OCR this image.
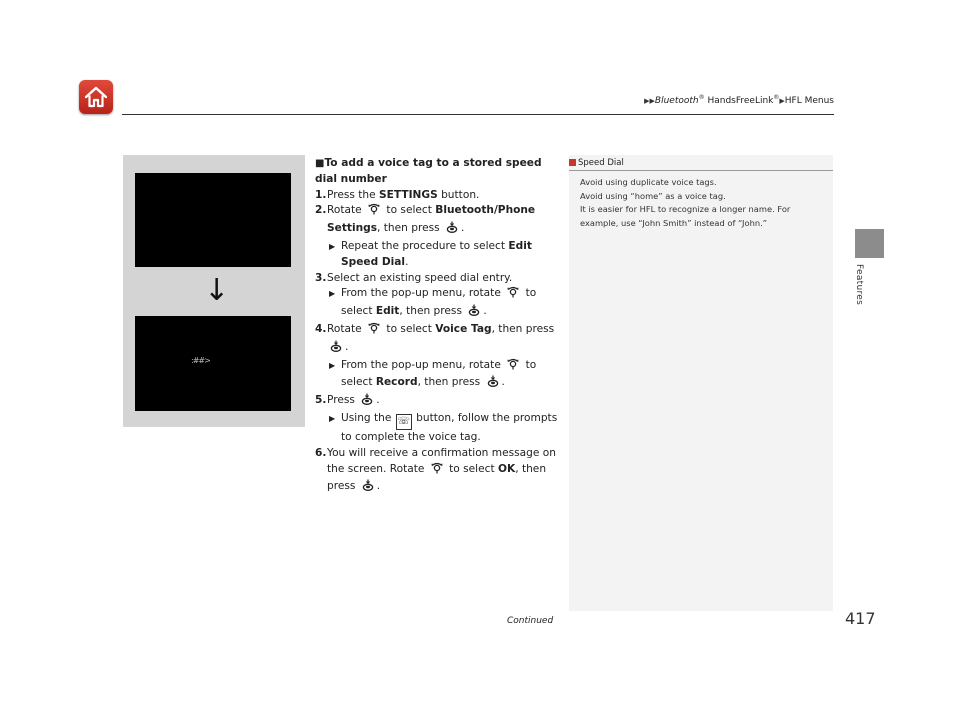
▶▶Bluetooth® HandsFreeLink®▶HFL Menus
Features
↓
:##>
■To add a voice tag to a stored speed dial number
1. Press the SETTINGS button.
2. Rotate  to select Bluetooth/Phone Settings, then press .
▶ Repeat the procedure to select Edit Speed Dial.
3. Select an existing speed dial entry.
▶ From the pop-up menu, rotate  to select Edit, then press .
4. Rotate  to select Voice Tag, then press .
▶ From the pop-up menu, rotate  to select Record, then press .
5. Press .
▶ Using the ☏ button, follow the prompts to complete the voice tag.
6. You will receive a confirmation message on the screen. Rotate  to select OK, then press .
Speed Dial
Avoid using duplicate voice tags.
Avoid using “home” as a voice tag.
It is easier for HFL to recognize a longer name. For example, use “John Smith” instead of “John.”
Continued	417
